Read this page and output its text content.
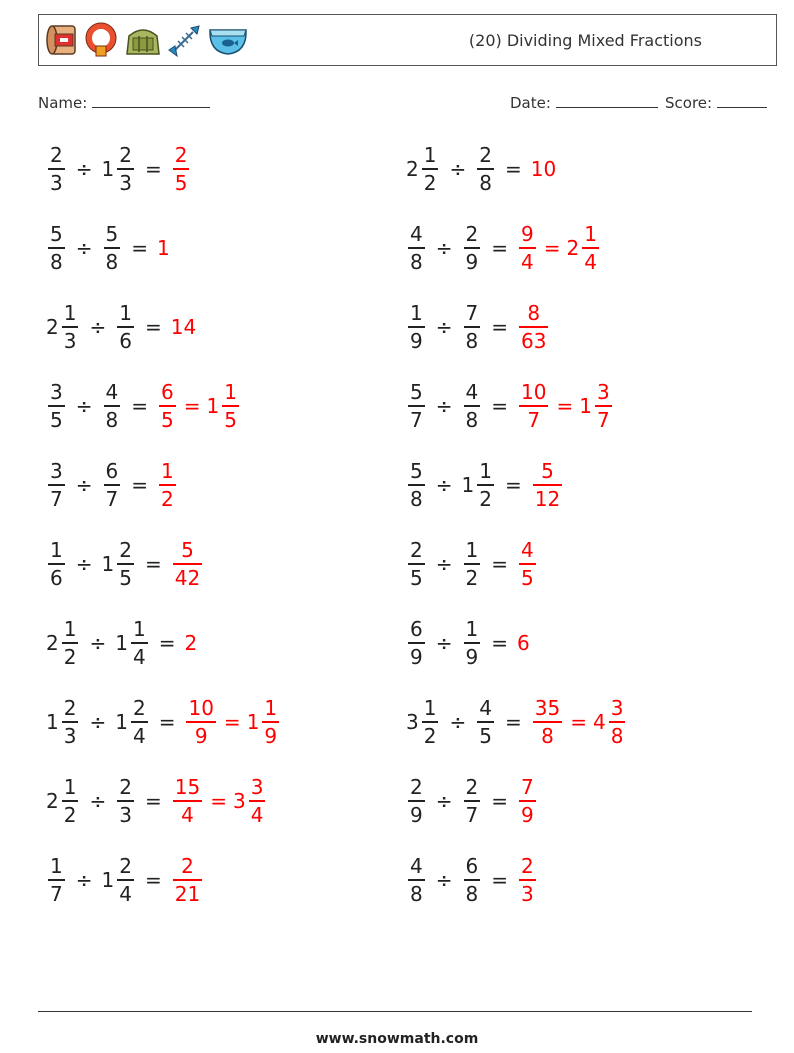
(20) Dividing Mixed Fractions
Name:	Date:	Score:
$\frac{2}{3} \div 1 \frac{2}{3} = \frac{2}{5}$	$2 \frac{1}{2} \div \frac{2}{8} = 10$
$\frac{5}{8} \div \frac{5}{8} = 1$	$\frac{4}{8} \div \frac{2}{9} = \frac{9}{4} = 2 \frac{1}{4}$
$2 \frac{1}{3} \div \frac{1}{6} = 14$	$\frac{1}{9} \div \frac{7}{8} = \frac{8}{63}$
$\frac{3}{5} \div \frac{4}{8} = \frac{6}{5} = 1 \frac{1}{5}$	$\frac{5}{7} \div \frac{4}{8} = \frac{10}{7} = 1 \frac{3}{7}$
$\frac{3}{7} \div \frac{6}{7} = \frac{1}{2}$	$\frac{5}{8} \div 1 \frac{1}{2} = \frac{5}{12}$
$\frac{1}{6} \div 1 \frac{2}{5} = \frac{5}{42}$	$\frac{2}{5} \div \frac{1}{2} = \frac{4}{5}$
$2 \frac{1}{2} \div 1 \frac{1}{4} = 2$	$\frac{6}{9} \div \frac{1}{9} = 6$
$1 \frac{2}{3} \div 1 \frac{2}{4} = \frac{10}{9} = 1 \frac{1}{9}$	$3 \frac{1}{2} \div \frac{4}{5} = \frac{35}{8} = 4 \frac{3}{8}$
$2 \frac{1}{2} \div \frac{2}{3} = \frac{15}{4} = 3 \frac{3}{4}$	$\frac{2}{9} \div \frac{2}{7} = \frac{7}{9}$
$\frac{1}{7} \div 1 \frac{2}{4} = \frac{2}{21}$	$\frac{4}{8} \div \frac{6}{8} = \frac{2}{3}$
www.snowmath.com
